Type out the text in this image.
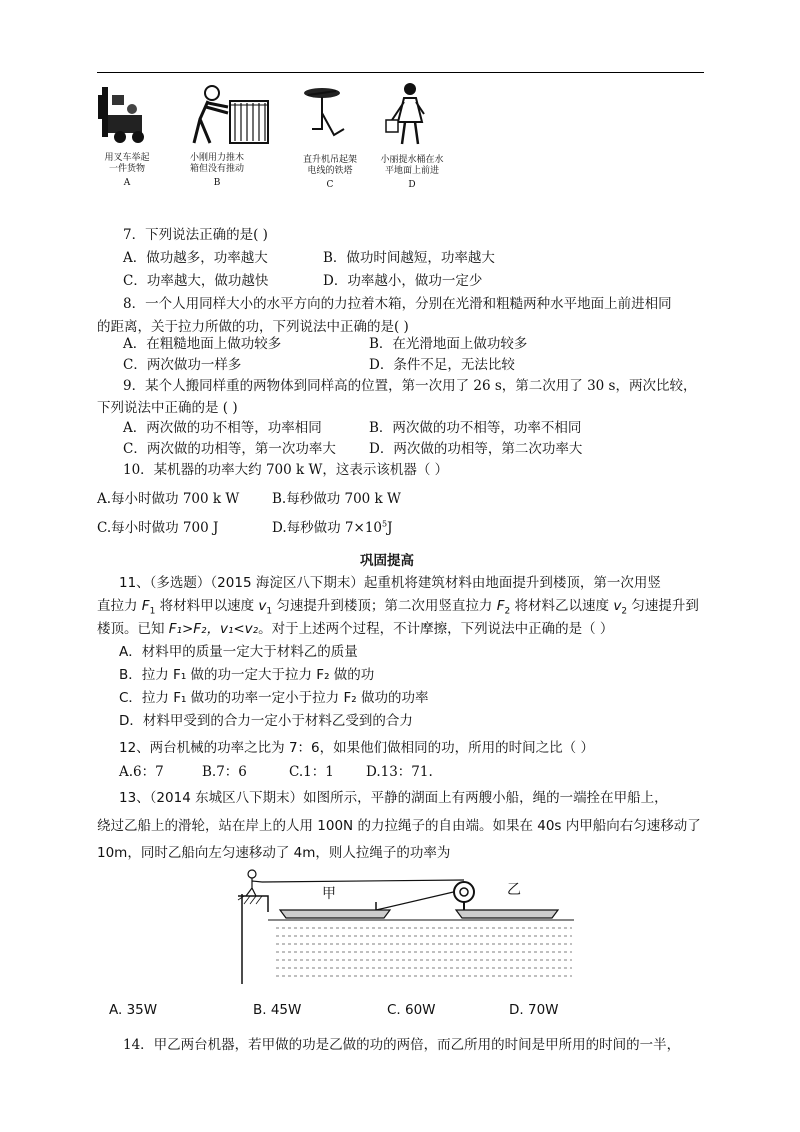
用叉车举起
一件货物
A
小刚用力推木
箱但没有推动
B
直升机吊起架
电线的铁塔
C
小丽提水桶在水
平地面上前进
D
7．下列说法正确的是( )
A．做功越多，功率越大	B．做功时间越短，功率越大
C．功率越大，做功越快	D．功率越小，做功一定少
8．一个人用同样大小的水平方向的力拉着木箱，分别在光滑和粗糙两种水平地面上前进相同
的距离，关于拉力所做的功，下列说法中正确的是( )
A．在粗糙地面上做功较多	B．在光滑地面上做功较多
C．两次做功一样多	D．条件不足，无法比较
9．某个人搬同样重的两物体到同样高的位置，第一次用了 26 s，第二次用了 30 s，两次比较，
下列说法中正确的是 ( )
A．两次做的功不相等，功率相同	B．两次做的功不相等，功率不相同
C．两次做的功相等，第一次功率大 D．两次做的功相等，第二次功率大
10．某机器的功率大约 700 k W，这表示该机器（ ）
A.每小时做功 700 k W B.每秒做功 700 k W
C.每小时做功 700 J	D.每秒做功 $7\times 10^5J$
巩固提高
11、（多选题）（2015 海淀区八下期末）起重机将建筑材料由地面提升到楼顶，第一次用竖
直拉力 $F_1$ 将材料甲以速度 $v_1$ 匀速提升到楼顶；第二次用竖直拉力 $F_2$ 将材料乙以速度 $v_2$ 匀速提升到
楼顶。已知 F₁>F₂，v₁<v₂。对于上述两个过程，不计摩擦，下列说法中正确的是（ ）
A．材料甲的质量一定大于材料乙的质量
B．拉力 F₁ 做的功一定大于拉力 F₂ 做的功
C．拉力 F₁ 做功的功率一定小于拉力 F₂ 做功的功率
D．材料甲受到的合力一定小于材料乙受到的合力
12、两台机械的功率之比为 7：6，如果他们做相同的功，所用的时间之比（ ）
A.6：7	B.7：6	C.1：1 D.13：71.
13、（2014 东城区八下期末）如图所示，平静的湖面上有两艘小船，绳的一端拴在甲船上，
绕过乙船上的滑轮，站在岸上的人用 100N 的力拉绳子的自由端。如果在 40s 内甲船向右匀速移动了
10m，同时乙船向左匀速移动了 4m，则人拉绳子的功率为
甲	乙
A. 35W	B. 45W	C. 60W	D. 70W
14．甲乙两台机器，若甲做的功是乙做的功的两倍，而乙所用的时间是甲所用的时间的一半，
